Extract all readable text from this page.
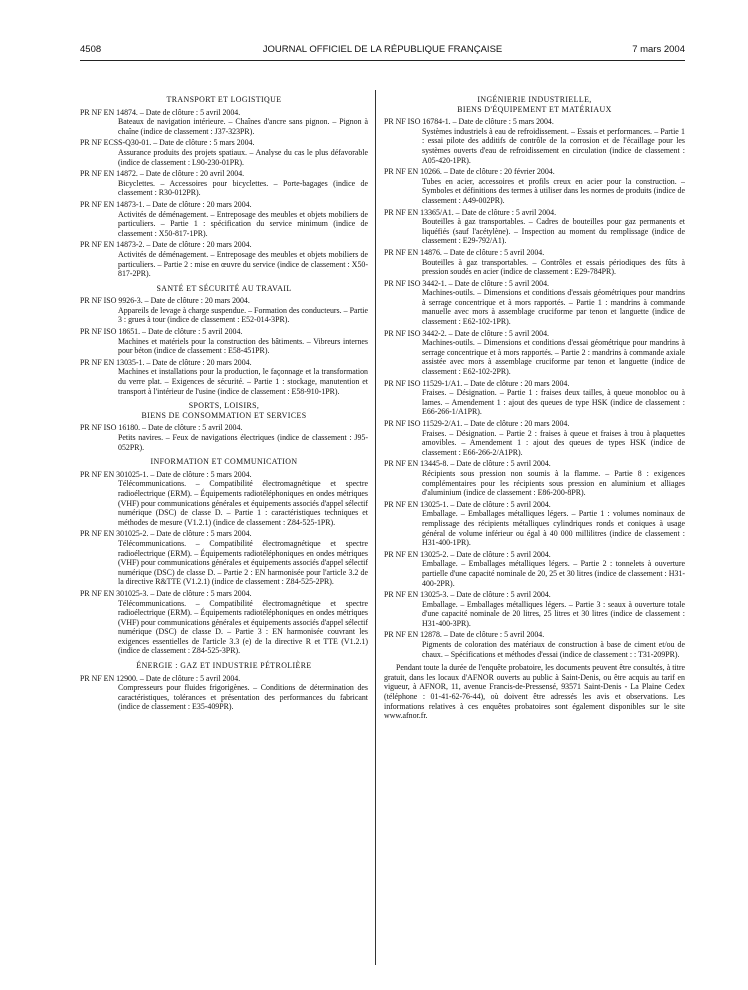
4508	JOURNAL OFFICIEL DE LA RÉPUBLIQUE FRANÇAISE	7 mars 2004
TRANSPORT ET LOGISTIQUE
PR NF EN 14874. – Date de clôture : 5 avril 2004.
Bateaux de navigation intérieure. – Chaînes d'ancre sans pignon. – Pignon à chaîne (indice de classement : J37-323PR).
PR NF ECSS-Q30-01. – Date de clôture : 5 mars 2004.
Assurance produits des projets spatiaux. – Analyse du cas le plus défavorable (indice de classement : L90-230-01PR).
PR NF EN 14872. – Date de clôture : 20 avril 2004.
Bicyclettes. – Accessoires pour bicyclettes. – Porte-bagages (indice de classement : R30-012PR).
PR NF EN 14873-1. – Date de clôture : 20 mars 2004.
Activités de déménagement. – Entreposage des meubles et objets mobiliers de particuliers. – Partie 1 : spécification du service minimum (indice de classement : X50-817-1PR).
PR NF EN 14873-2. – Date de clôture : 20 mars 2004.
Activités de déménagement. – Entreposage des meubles et objets mobiliers de particuliers. – Partie 2 : mise en œuvre du service (indice de classement : X50-817-2PR).
SANTÉ ET SÉCURITÉ AU TRAVAIL
PR NF ISO 9926-3. – Date de clôture : 20 mars 2004.
Appareils de levage à charge suspendue. – Formation des conducteurs. – Partie 3 : grues à tour (indice de classement : E52-014-3PR).
PR NF ISO 18651. – Date de clôture : 5 avril 2004.
Machines et matériels pour la construction des bâtiments. – Vibreurs internes pour béton (indice de classement : E58-451PR).
PR NF EN 13035-1. – Date de clôture : 20 mars 2004.
Machines et installations pour la production, le façonnage et la transformation du verre plat. – Exigences de sécurité. – Partie 1 : stockage, manutention et transport à l'intérieur de l'usine (indice de classement : E58-910-1PR).
SPORTS, LOISIRS,
BIENS DE CONSOMMATION ET SERVICES
PR NF ISO 16180. – Date de clôture : 5 avril 2004.
Petits navires. – Feux de navigations électriques (indice de classement : J95-052PR).
INFORMATION ET COMMUNICATION
PR NF EN 301025-1. – Date de clôture : 5 mars 2004.
Télécommunications. – Compatibilité électromagnétique et spectre radioélectrique (ERM). – Équipements radiotéléphoniques en ondes métriques (VHF) pour communications générales et équipements associés d'appel sélectif numérique (DSC) de classe D. – Partie 1 : caractéristiques techniques et méthodes de mesure (V1.2.1) (indice de classement : Z84-525-1PR).
PR NF EN 301025-2. – Date de clôture : 5 mars 2004.
Télécommunications. – Compatibilité électromagnétique et spectre radioélectrique (ERM). – Équipements radiotéléphoniques en ondes métriques (VHF) pour communications générales et équipements associés d'appel sélectif numérique (DSC) de classe D. – Partie 2 : EN harmonisée pour l'article 3.2 de la directive R&TTE (V1.2.1) (indice de classement : Z84-525-2PR).
PR NF EN 301025-3. – Date de clôture : 5 mars 2004.
Télécommunications. – Compatibilité électromagnétique et spectre radioélectrique (ERM). – Équipements radiotéléphoniques en ondes métriques (VHF) pour communications générales et équipements associés d'appel sélectif numérique (DSC) de classe D. – Partie 3 : EN harmonisée couvrant les exigences essentielles de l'article 3.3 (e) de la directive R et TTE (V1.2.1) (indice de classement : Z84-525-3PR).
ÉNERGIE : GAZ ET INDUSTRIE PÉTROLIÈRE
PR NF EN 12900. – Date de clôture : 5 avril 2004.
Compresseurs pour fluides frigorigènes. – Conditions de détermination des caractéristiques, tolérances et présentation des performances du fabricant (indice de classement : E35-409PR).
INGÉNIERIE INDUSTRIELLE,
BIENS D'ÉQUIPEMENT ET MATÉRIAUX
PR NF ISO 16784-1. – Date de clôture : 5 mars 2004.
Systèmes industriels à eau de refroidissement. – Essais et performances. – Partie 1 : essai pilote des additifs de contrôle de la corrosion et de l'écaillage pour les systèmes ouverts d'eau de refroidissement en circulation (indice de classement : A05-420-1PR).
PR NF EN 10266. – Date de clôture : 20 février 2004.
Tubes en acier, accessoires et profils creux en acier pour la construction. – Symboles et définitions des termes à utiliser dans les normes de produits (indice de classement : A49-002PR).
PR NF EN 13365/A1. – Date de clôture : 5 avril 2004.
Bouteilles à gaz transportables. – Cadres de bouteilles pour gaz permanents et liquéfiés (sauf l'acétylène). – Inspection au moment du remplissage (indice de classement : E29-792/A1).
PR NF EN 14876. – Date de clôture : 5 avril 2004.
Bouteilles à gaz transportables. – Contrôles et essais périodiques des fûts à pression soudés en acier (indice de classement : E29-784PR).
PR NF ISO 3442-1. – Date de clôture : 5 avril 2004.
Machines-outils. – Dimensions et conditions d'essais géométriques pour mandrins à serrage concentrique et à mors rapportés. – Partie 1 : mandrins à commande manuelle avec mors à assemblage cruciforme par tenon et languette (indice de classement : E62-102-1PR).
PR NF ISO 3442-2. – Date de clôture : 5 avril 2004.
Machines-outils. – Dimensions et conditions d'essai géométrique pour mandrins à serrage concentrique et à mors rapportés. – Partie 2 : mandrins à commande axiale assistée avec mors à assemblage cruciforme par tenon et languette (indice de classement : E62-102-2PR).
PR NF ISO 11529-1/A1. – Date de clôture : 20 mars 2004.
Fraises. – Désignation. – Partie 1 : fraises deux tailles, à queue monobloc ou à lames. – Amendement 1 : ajout des queues de type HSK (indice de classement : E66-266-1/A1PR).
PR NF ISO 11529-2/A1. – Date de clôture : 20 mars 2004.
Fraises. – Désignation. – Partie 2 : fraises à queue et fraises à trou à plaquettes amovibles. – Amendement 1 : ajout des queues de types HSK (indice de classement : E66-266-2/A1PR).
PR NF EN 13445-8. – Date de clôture : 5 avril 2004.
Récipients sous pression non soumis à la flamme. – Partie 8 : exigences complémentaires pour les récipients sous pression en aluminium et alliages d'aluminium (indice de classement : E86-200-8PR).
PR NF EN 13025-1. – Date de clôture : 5 avril 2004.
Emballage. – Emballages métalliques légers. – Partie 1 : volumes nominaux de remplissage des récipients métalliques cylindriques ronds et coniques à usage général de volume inférieur ou égal à 40 000 millilitres (indice de classement : H31-400-1PR).
PR NF EN 13025-2. – Date de clôture : 5 avril 2004.
Emballage. – Emballages métalliques légers. – Partie 2 : tonnelets à ouverture partielle d'une capacité nominale de 20, 25 et 30 litres (indice de classement : H31-400-2PR).
PR NF EN 13025-3. – Date de clôture : 5 avril 2004.
Emballage. – Emballages métalliques légers. – Partie 3 : seaux à ouverture totale d'une capacité nominale de 20 litres, 25 litres et 30 litres (indice de classement : H31-400-3PR).
PR NF EN 12878. – Date de clôture : 5 avril 2004.
Pigments de coloration des matériaux de construction à base de ciment et/ou de chaux. – Spécifications et méthodes d'essai (indice de classement : : T31-209PR).
Pendant toute la durée de l'enquête probatoire, les documents peuvent être consultés, à titre gratuit, dans les locaux d'AFNOR ouverts au public à Saint-Denis, ou être acquis au tarif en vigueur, à AFNOR, 11, avenue Francis-de-Pressensé, 93571 Saint-Denis - La Plaine Cedex (téléphone : 01-41-62-76-44), où doivent être adressés les avis et observations. Les informations relatives à ces enquêtes probatoires sont également disponibles sur le site www.afnor.fr.
